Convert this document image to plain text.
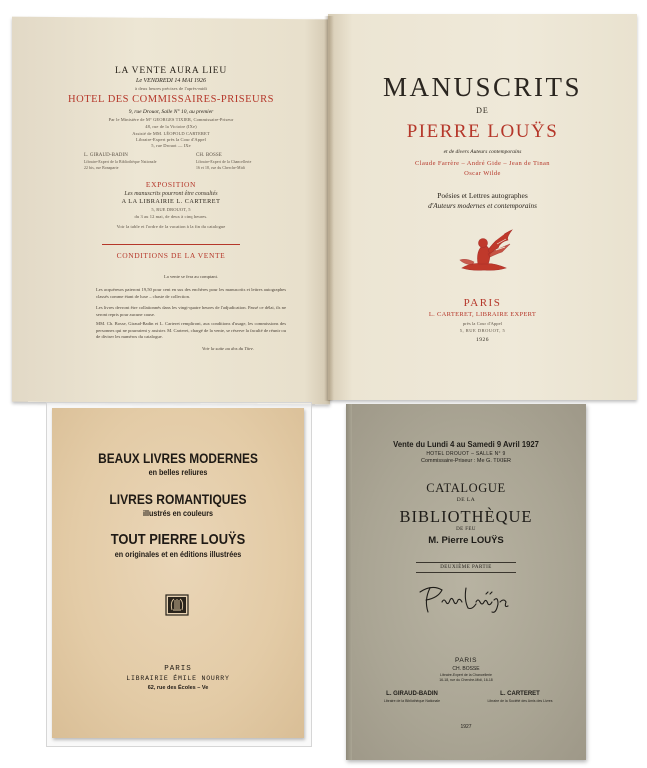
LA VENTE AURA LIEU
Le VENDREDI 14 MAI 1926
à deux heures précises de l'après-midi
HOTEL DES COMMISSAIRES-PRISEURS
9, rue Drouot, Salle N° 10, au premier
Par le Ministère de M° GEORGES TIXIER, Commissaire-Priseur
48, rue de la Victoire (IXe)
Assisté de MM. LÉOPOLD CARTERET
Libraire-Expert près la Cour d'Appel
5, rue Drouot — IXe
L. GIRAUD-BADIN
Libraire-Expert de la Bibliothèque Nationale
22 bis, rue Bonaparte
CH. BOSSE
Libraire-Expert de la Chancellerie
16 et 18, rue du Cherche-Midi
EXPOSITION
Les manuscrits pourront être consultés
A LA LIBRAIRIE L. CARTERET
5, RUE DROUOT, 5
du 3 au 12 mai, de deux à cinq heures.
Voir la table et l'ordre de la vacation à la fin du catalogue
CONDITIONS DE LA VENTE
La vente se fera au comptant.
Les acquéreurs paieront 19,50 pour cent en sus des enchères pour les manuscrits et lettres autographes classés comme étant de luxe – chaste de collection.
Les livres devront être collationnés dans les vingt-quatre heures de l'adjudication. Passé ce délai, ils ne seront repris pour aucune cause.
MM. Ch. Bosse, Giraud-Badin et L. Carteret rempliront, aux conditions d'usage, les commissions des personnes qui ne pourraient y assister. M. Carteret, chargé de la vente, se réserve la faculté de réunir ou de diviser les numéros du catalogue.
Voir la suite au dos du Titre.
MANUSCRITS
DE
PIERRE LOUŸS
et de divers Auteurs contemporains
Claude Farrère – André Gide – Jean de Tinan
Oscar Wilde
Poésies et Lettres autographes
d'Auteurs modernes et contemporains
PARIS
L. CARTERET, LIBRAIRE EXPERT
près la Cour d'Appel
5, RUE DROUOT, 5
1926
BEAUX LIVRES MODERNES
en belles reliures
LIVRES ROMANTIQUES
illustrés en couleurs
TOUT PIERRE LOUŸS
en originales et en éditions illustrées
PARIS
LIBRAIRIE ÉMILE NOURRY
62, rue des Écoles – Ve
Vente du Lundi 4 au Samedi 9 Avril 1927
HOTEL DROUOT – SALLE N° 9
Commissaire-Priseur : Me G. TIXIER
CATALOGUE
DE LA
BIBLIOTHÈQUE
DE FEU
M. Pierre LOUŸS
DEUXIÈME PARTIE
PARIS
CH. BOSSE
Libraire-Expert de la Chancellerie
16-18, rue du Cherche-Midi, 16-18
L. GIRAUD-BADIN
Libraire de la Bibliothèque Nationale
L. CARTERET
Libraire de la Société des Amis des Livres
1927
